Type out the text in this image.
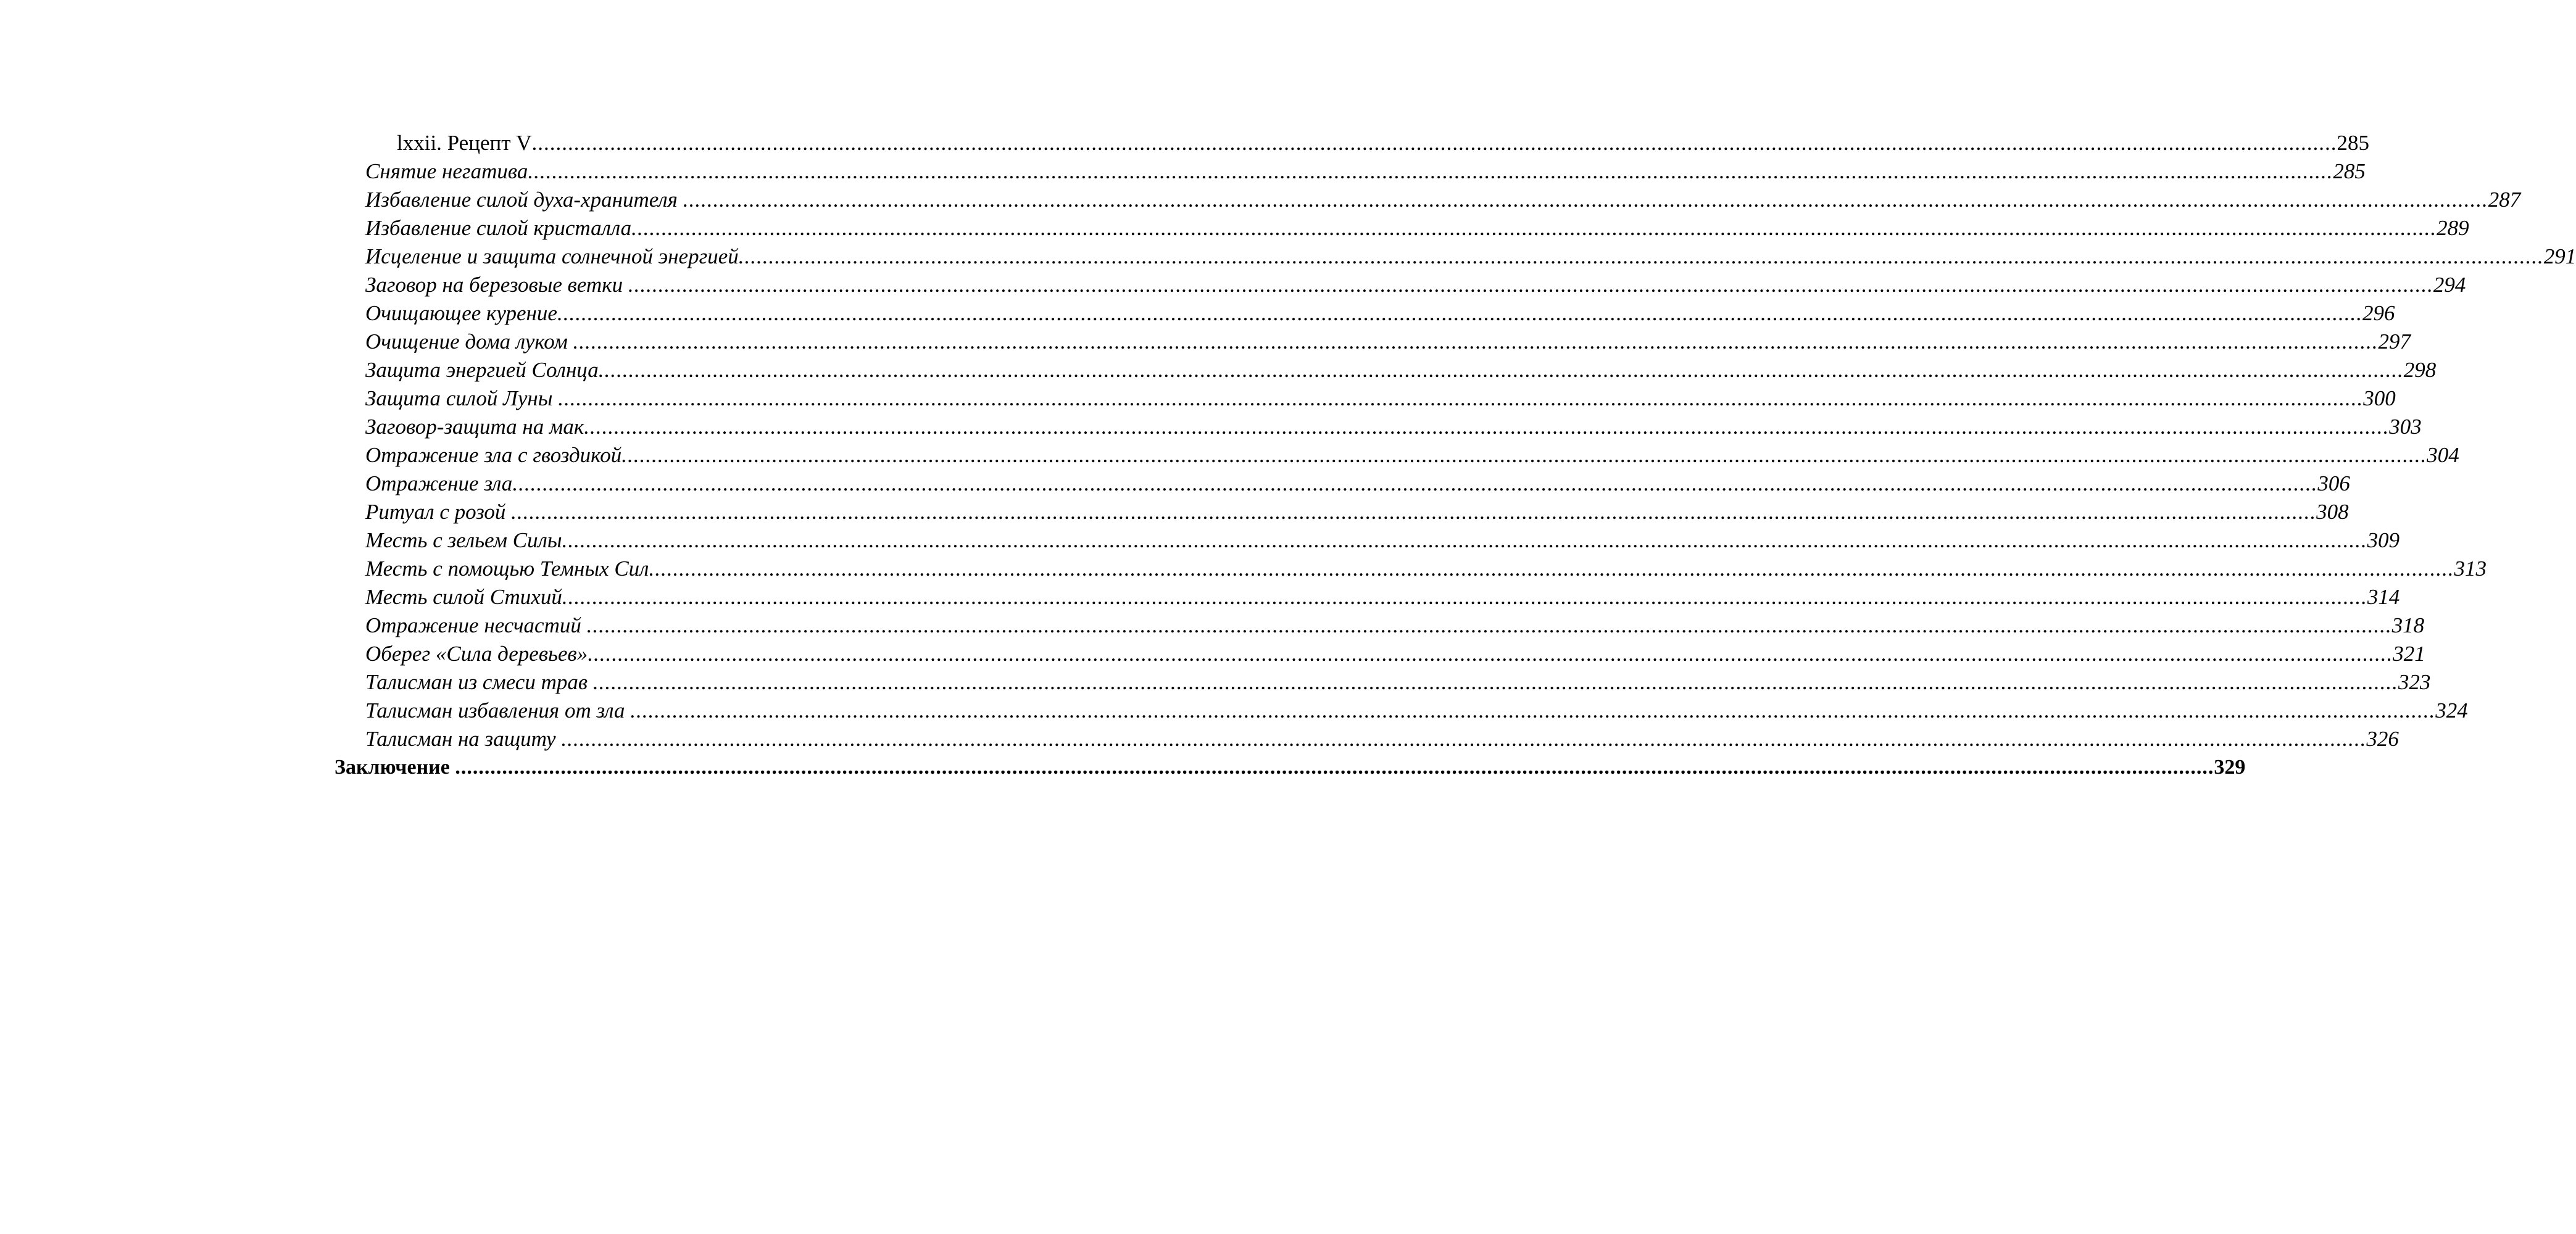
lxxii. Рецепт V ............................................................................................................................................................................................................................................................................................................ 285
Снятие негатива ............................................................................................................................................................................................................................................................................................................ 285
Избавление силой духа-хранителя ............................................................................................................................................................................................................................................................................................................ 287
Избавление силой кристалла ............................................................................................................................................................................................................................................................................................................ 289
Исцеление и защита солнечной энергией ............................................................................................................................................................................................................................................................................................................ 291
Заговор на березовые ветки ............................................................................................................................................................................................................................................................................................................ 294
Очищающее курение ............................................................................................................................................................................................................................................................................................................ 296
Очищение дома луком ............................................................................................................................................................................................................................................................................................................ 297
Защита энергией Солнца ............................................................................................................................................................................................................................................................................................................ 298
Защита силой Луны ............................................................................................................................................................................................................................................................................................................ 300
Заговор-защита на мак ............................................................................................................................................................................................................................................................................................................ 303
Отражение зла с гвоздикой ............................................................................................................................................................................................................................................................................................................ 304
Отражение зла ............................................................................................................................................................................................................................................................................................................ 306
Ритуал с розой ............................................................................................................................................................................................................................................................................................................ 308
Месть с зельем Силы ............................................................................................................................................................................................................................................................................................................ 309
Месть с помощью Темных Сил ............................................................................................................................................................................................................................................................................................................ 313
Месть силой Стихий ............................................................................................................................................................................................................................................................................................................ 314
Отражение несчастий ............................................................................................................................................................................................................................................................................................................ 318
Оберег «Сила деревьев» ............................................................................................................................................................................................................................................................................................................ 321
Талисман из смеси трав ............................................................................................................................................................................................................................................................................................................ 323
Талисман избавления от зла ............................................................................................................................................................................................................................................................................................................ 324
Талисман на защиту ............................................................................................................................................................................................................................................................................................................ 326
Заключение ............................................................................................................................................................................................................................................................................................................ 329
